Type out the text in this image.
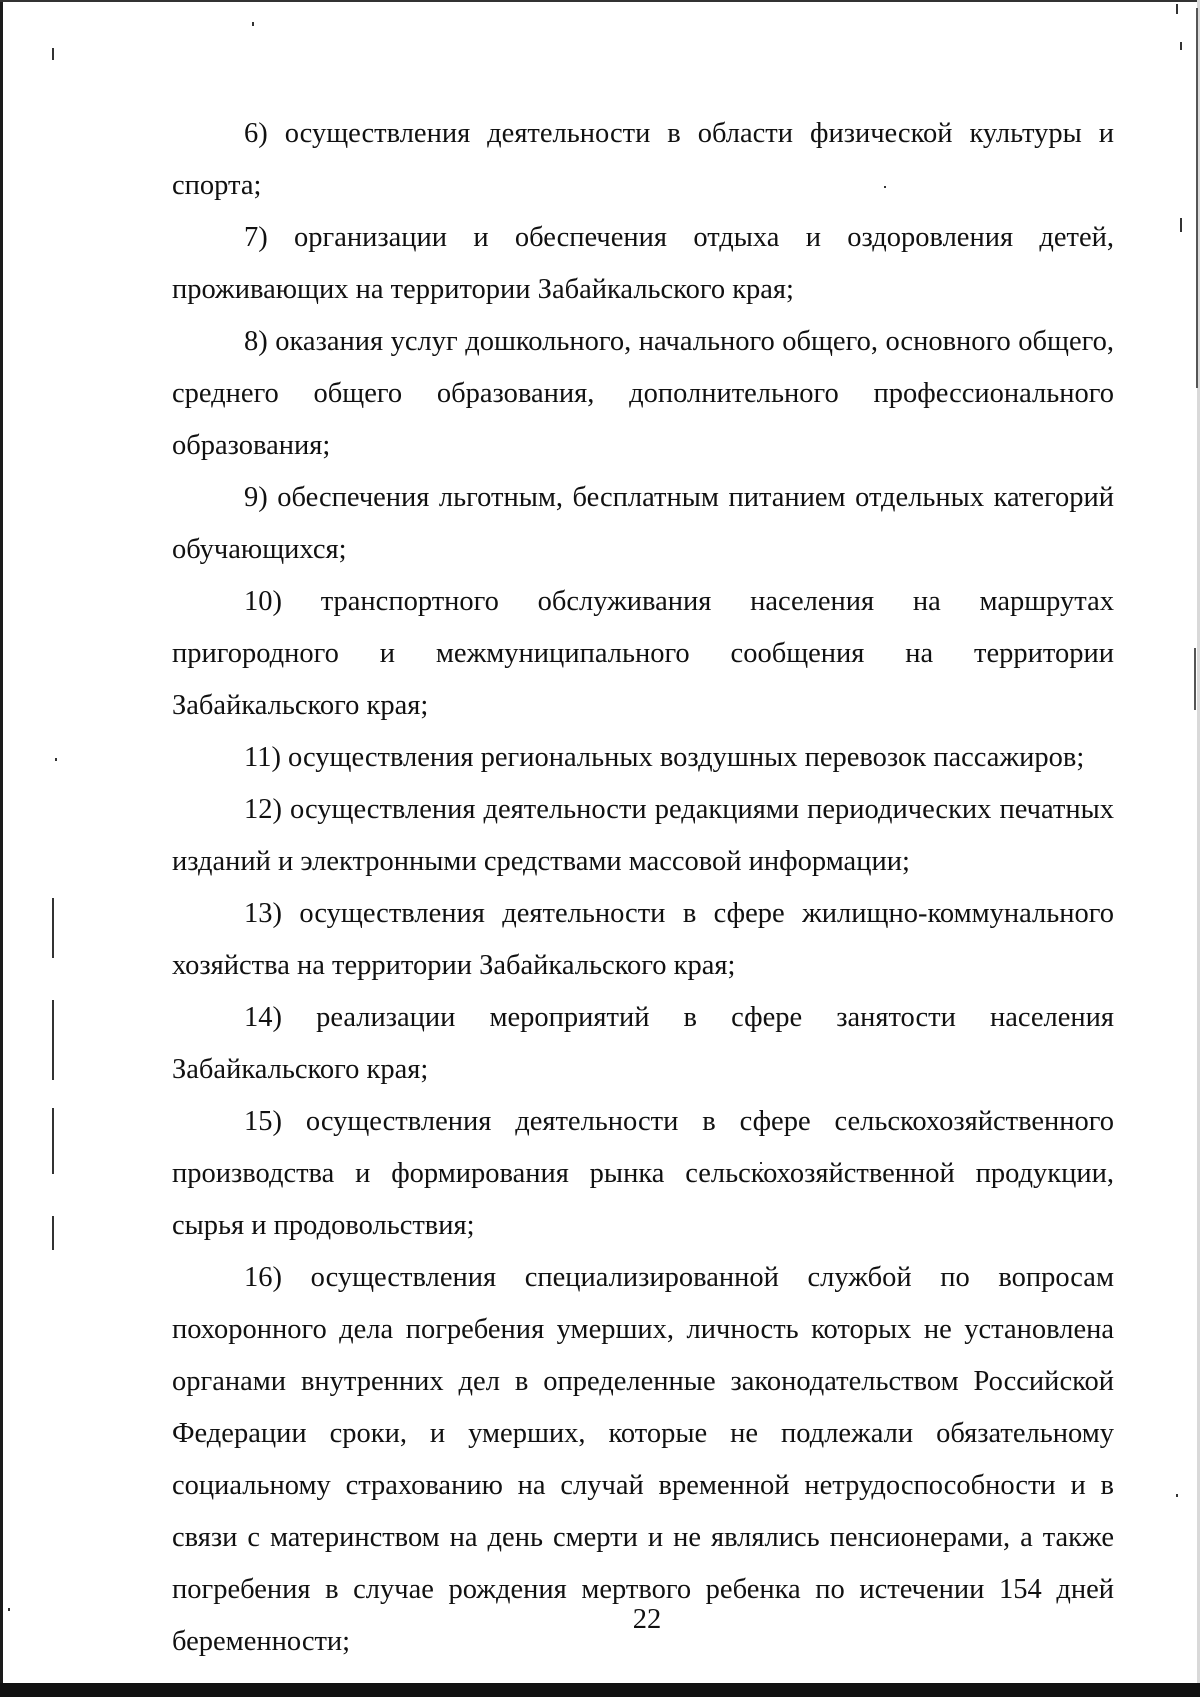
6) осуществления деятельности в области физической культуры и спорта;

7) организации и обеспечения отдыха и оздоровления детей, проживающих на территории Забайкальского края;

8) оказания услуг дошкольного, начального общего, основного общего, среднего общего образования, дополнительного профессионального образования;

9) обеспечения льготным, бесплатным питанием отдельных категорий обучающихся;

10) транспортного обслуживания населения на маршрутах пригородного и межмуниципального сообщения на территории Забайкальского края;

11) осуществления региональных воздушных перевозок пассажиров;

12) осуществления деятельности редакциями периодических печатных изданий и электронными средствами массовой информации;

13) осуществления деятельности в сфере жилищно-коммунального хозяйства на территории Забайкальского края;

14) реализации мероприятий в сфере занятости населения Забайкальского края;

15) осуществления деятельности в сфере сельскохозяйственного производства и формирования рынка сельскохозяйственной продукции, сырья и продовольствия;

16) осуществления специализированной службой по вопросам похоронного дела погребения умерших, личность которых не установлена органами внутренних дел в определенные законодательством Российской Федерации сроки, и умерших, которые не подлежали обязательному социальному страхованию на случай временной нетрудоспособности и в связи с материнством на день смерти и не являлись пенсионерами, а также погребения в случае рождения мертвого ребенка по истечении 154 дней беременности;

22
